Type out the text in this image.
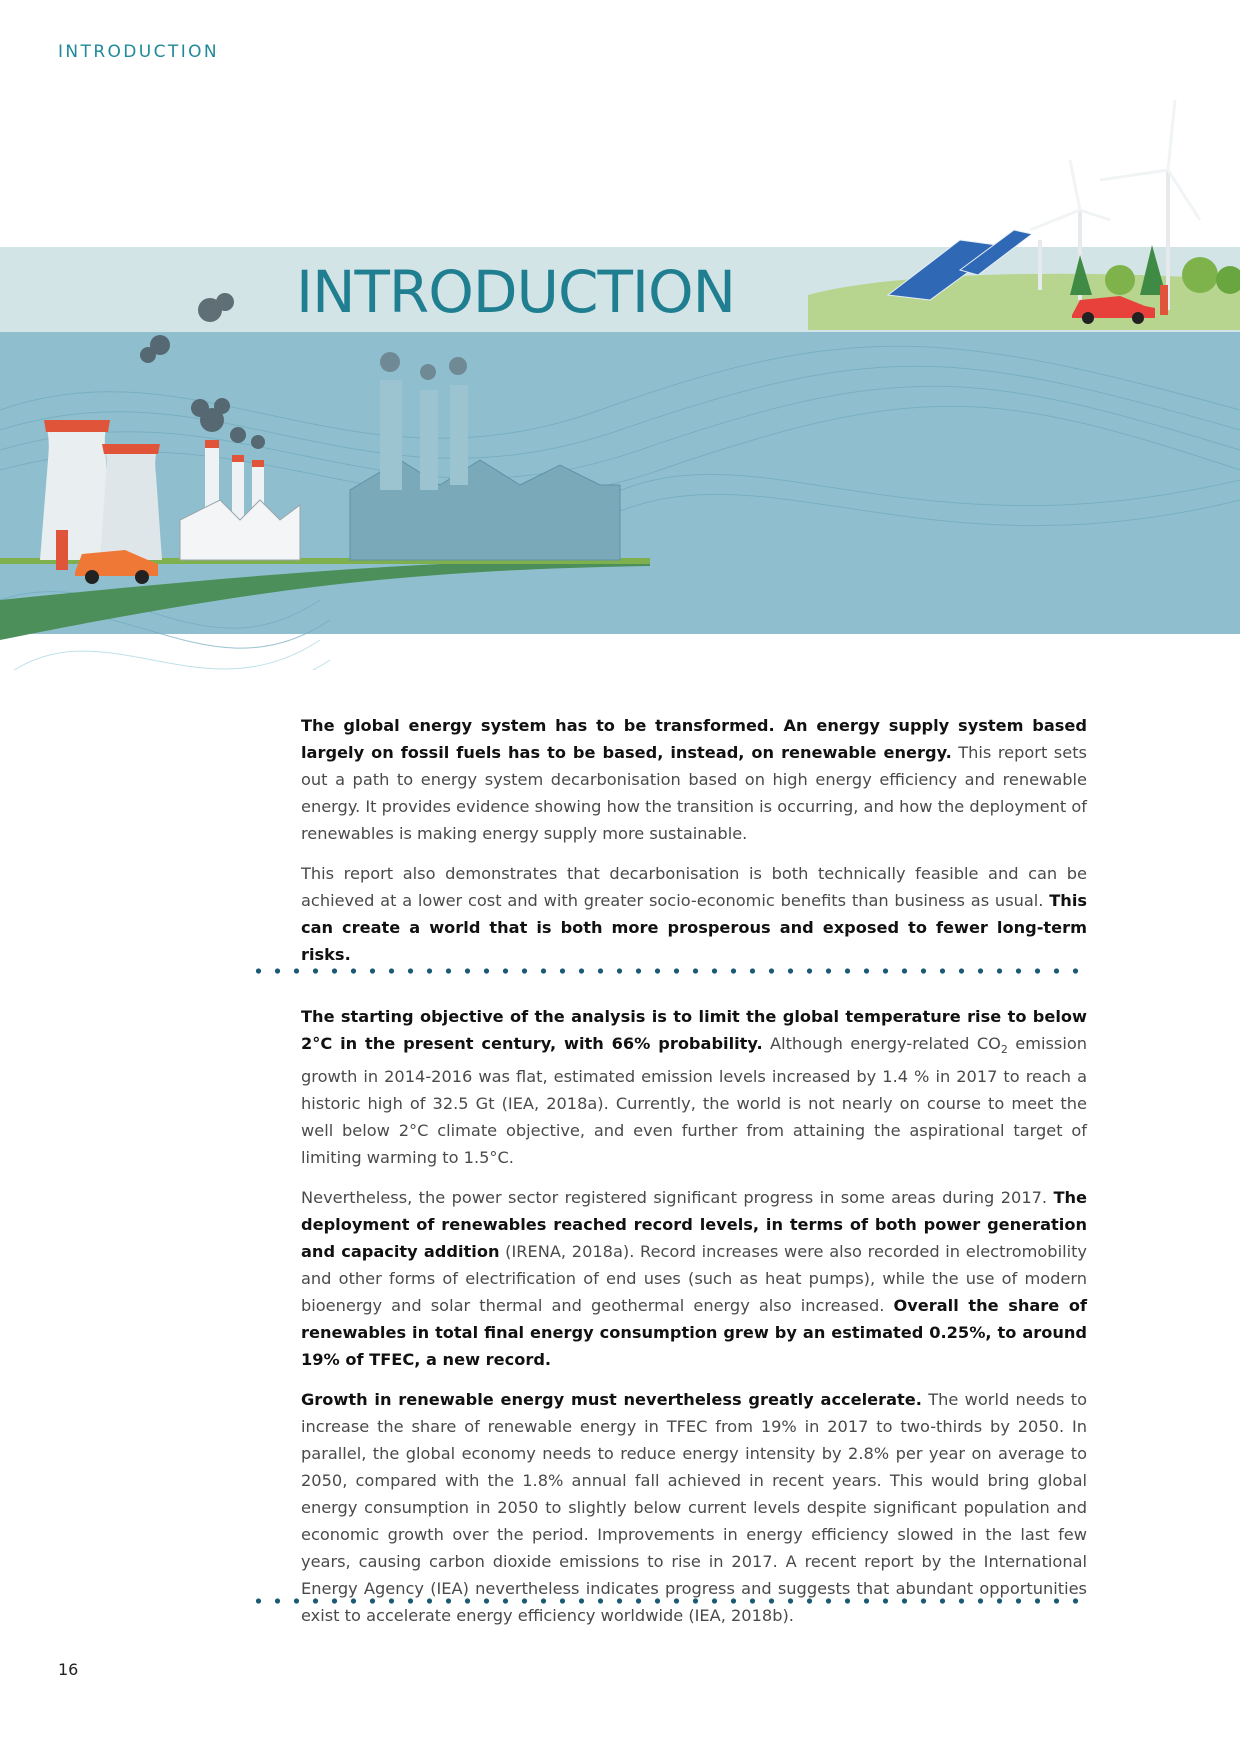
INTRODUCTION
INTRODUCTION

The global energy system has to be transformed. An energy supply system based largely on fossil fuels has to be based, instead, on renewable energy. This report sets out a path to energy system decarbonisation based on high energy efficiency and renewable energy. It provides evidence showing how the transition is occurring, and how the deployment of renewables is making energy supply more sustainable.

This report also demonstrates that decarbonisation is both technically feasible and can be achieved at a lower cost and with greater socio-economic benefits than business as usual. This can create a world that is both more prosperous and exposed to fewer long-term risks.

The starting objective of the analysis is to limit the global temperature rise to below 2°C in the present century, with 66% probability. Although energy-related $CO_2$ emission growth in 2014-2016 was flat, estimated emission levels increased by 1.4 % in 2017 to reach a historic high of 32.5 Gt (IEA, 2018a). Currently, the world is not nearly on course to meet the well below 2°C climate objective, and even further from attaining the aspirational target of limiting warming to 1.5°C.

Nevertheless, the power sector registered significant progress in some areas during 2017. The deployment of renewables reached record levels, in terms of both power generation and capacity addition (IRENA, 2018a). Record increases were also recorded in electromobility and other forms of electrification of end uses (such as heat pumps), while the use of modern bioenergy and solar thermal and geothermal energy also increased. Overall the share of renewables in total final energy consumption grew by an estimated 0.25%, to around 19% of TFEC, a new record.

Growth in renewable energy must nevertheless greatly accelerate. The world needs to increase the share of renewable energy in TFEC from 19% in 2017 to two-thirds by 2050. In parallel, the global economy needs to reduce energy intensity by 2.8% per year on average to 2050, compared with the 1.8% annual fall achieved in recent years. This would bring global energy consumption in 2050 to slightly below current levels despite significant population and economic growth over the period. Improvements in energy efficiency slowed in the last few years, causing carbon dioxide emissions to rise in 2017. A recent report by the International Energy Agency (IEA) nevertheless indicates progress and suggests that abundant opportunities exist to accelerate energy efficiency worldwide (IEA, 2018b).

16
